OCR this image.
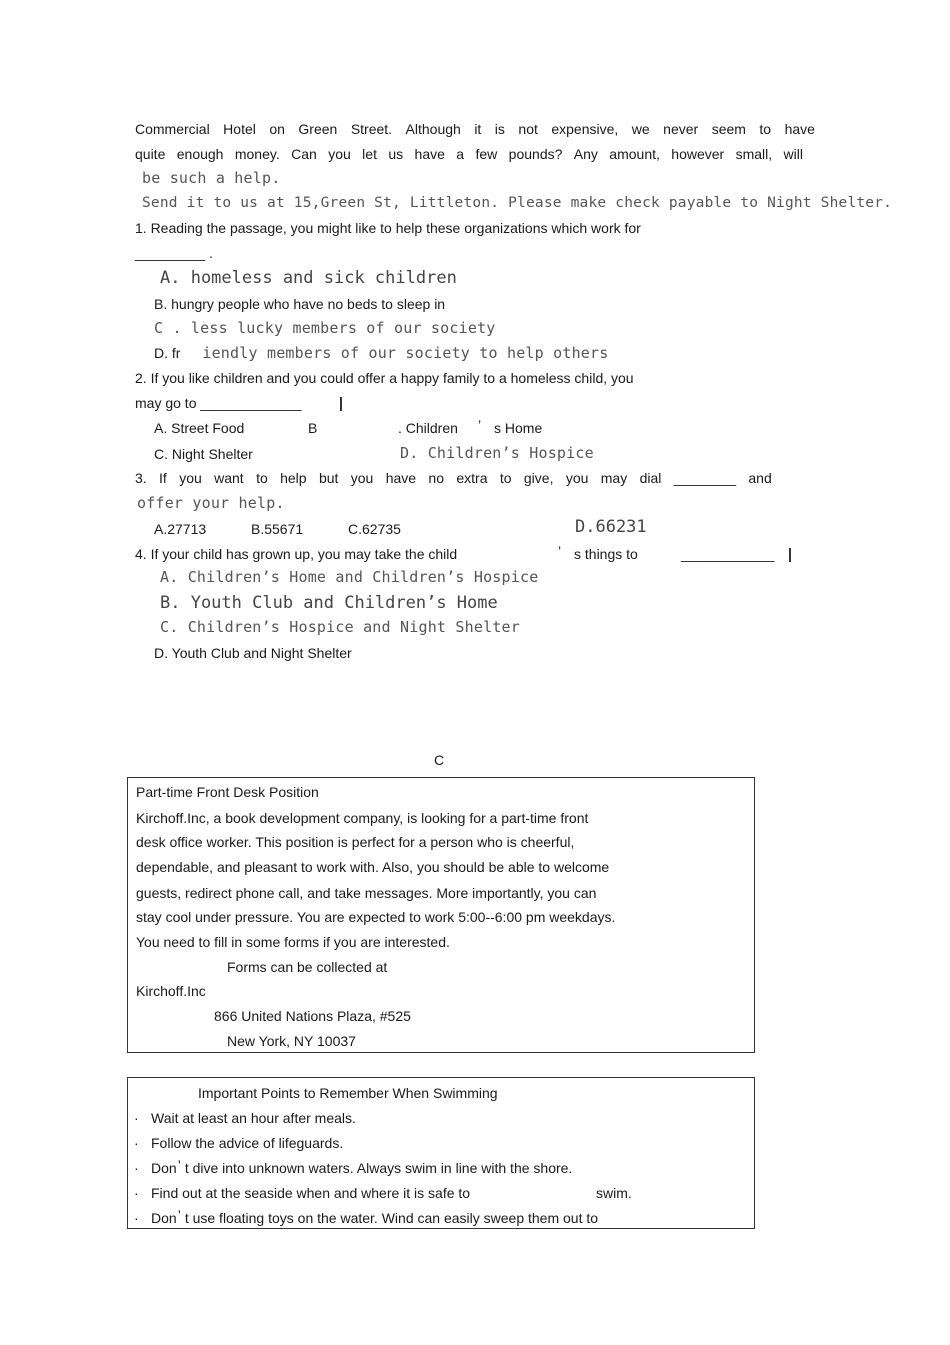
Commercial Hotel on Green Street. Although it is not expensive, we never seem to have
quite enough money. Can you let us have a few pounds? Any amount, however small, will
be such a help.
Send it to us at 15,Green St, Littleton. Please make check payable to Night Shelter.
1. Reading the passage, you might like to help these organizations which work for
_________ .
A. homeless and sick children
B. hungry people who have no beds to sleep in
C . less lucky members of our society
D. fr iendly members of our society to help others
2. If you like children and you could offer a happy family to a homeless child, you
may go to _____________
A. Street Food	B	. Children ’ s Home
C. Night Shelter	D. Children’s Hospice
3. If you want to help but you have no extra to give, you may dial ________ and
offer your help.
A.27713	B.55671	C.62735	D.66231
4. If your child has grown up, you may take the child	’ s things to	____________
A. Children’s Home and Children’s Hospice
B. Youth Club and Children’s Home
C. Children’s Hospice and Night Shelter
D. Youth Club and Night Shelter
C
Part-time Front Desk Position
Kirchoff.Inc, a book development company, is looking for a part-time front
desk office worker. This position is perfect for a person who is cheerful,
dependable, and pleasant to work with. Also, you should be able to welcome
guests, redirect phone call, and take messages. More importantly, you can
stay cool under pressure. You are expected to work 5:00--6:00 pm weekdays.
You need to fill in some forms if you are interested.
Forms can be collected at
Kirchoff.Inc
866 United Nations Plaza, #525
New York, NY 10037
Important Points to Remember When Swimming
· Wait at least an hour after meals.
· Follow the advice of lifeguards.
· Don’ t dive into unknown waters. Always swim in line with the shore.
· Find out at the seaside when and where it is safe to	swim.
· Don’ t use floating toys on the water. Wind can easily sweep them out to
